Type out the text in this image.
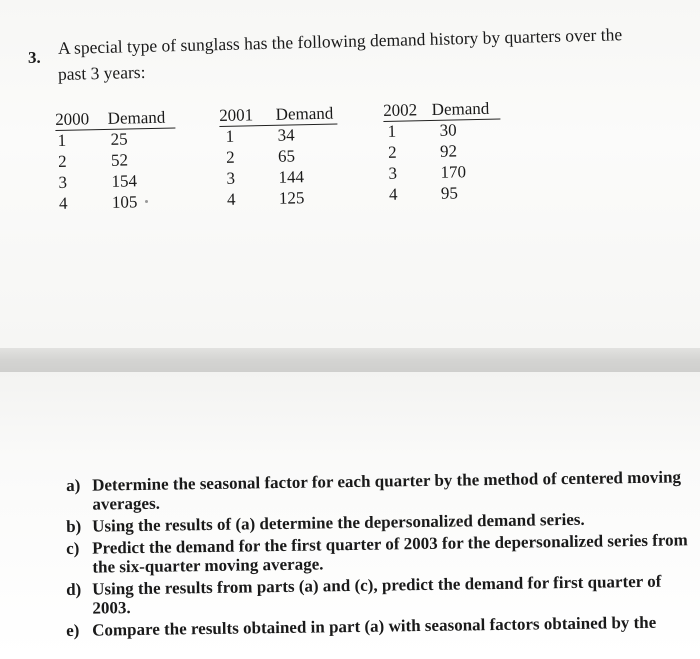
3. A special type of sunglass has the following demand history by quarters over the
past 3 years:
2000 Demand
1
2
3
4
25
52
154
105
2001 Demand
1
2
3
4
34
65
144
125
2002 Demand
1
2
3
4
30
92
170
95
a) Determine the seasonal factor for each quarter by the method of centered moving averages.
b) Using the results of (a) determine the depersonalized demand series.
c) Predict the demand for the first quarter of 2003 for the depersonalized series from the six-quarter moving average.
d) Using the results from parts (a) and (c), predict the demand for first quarter of 2003.
e) Compare the results obtained in part (a) with seasonal factors obtained by the
